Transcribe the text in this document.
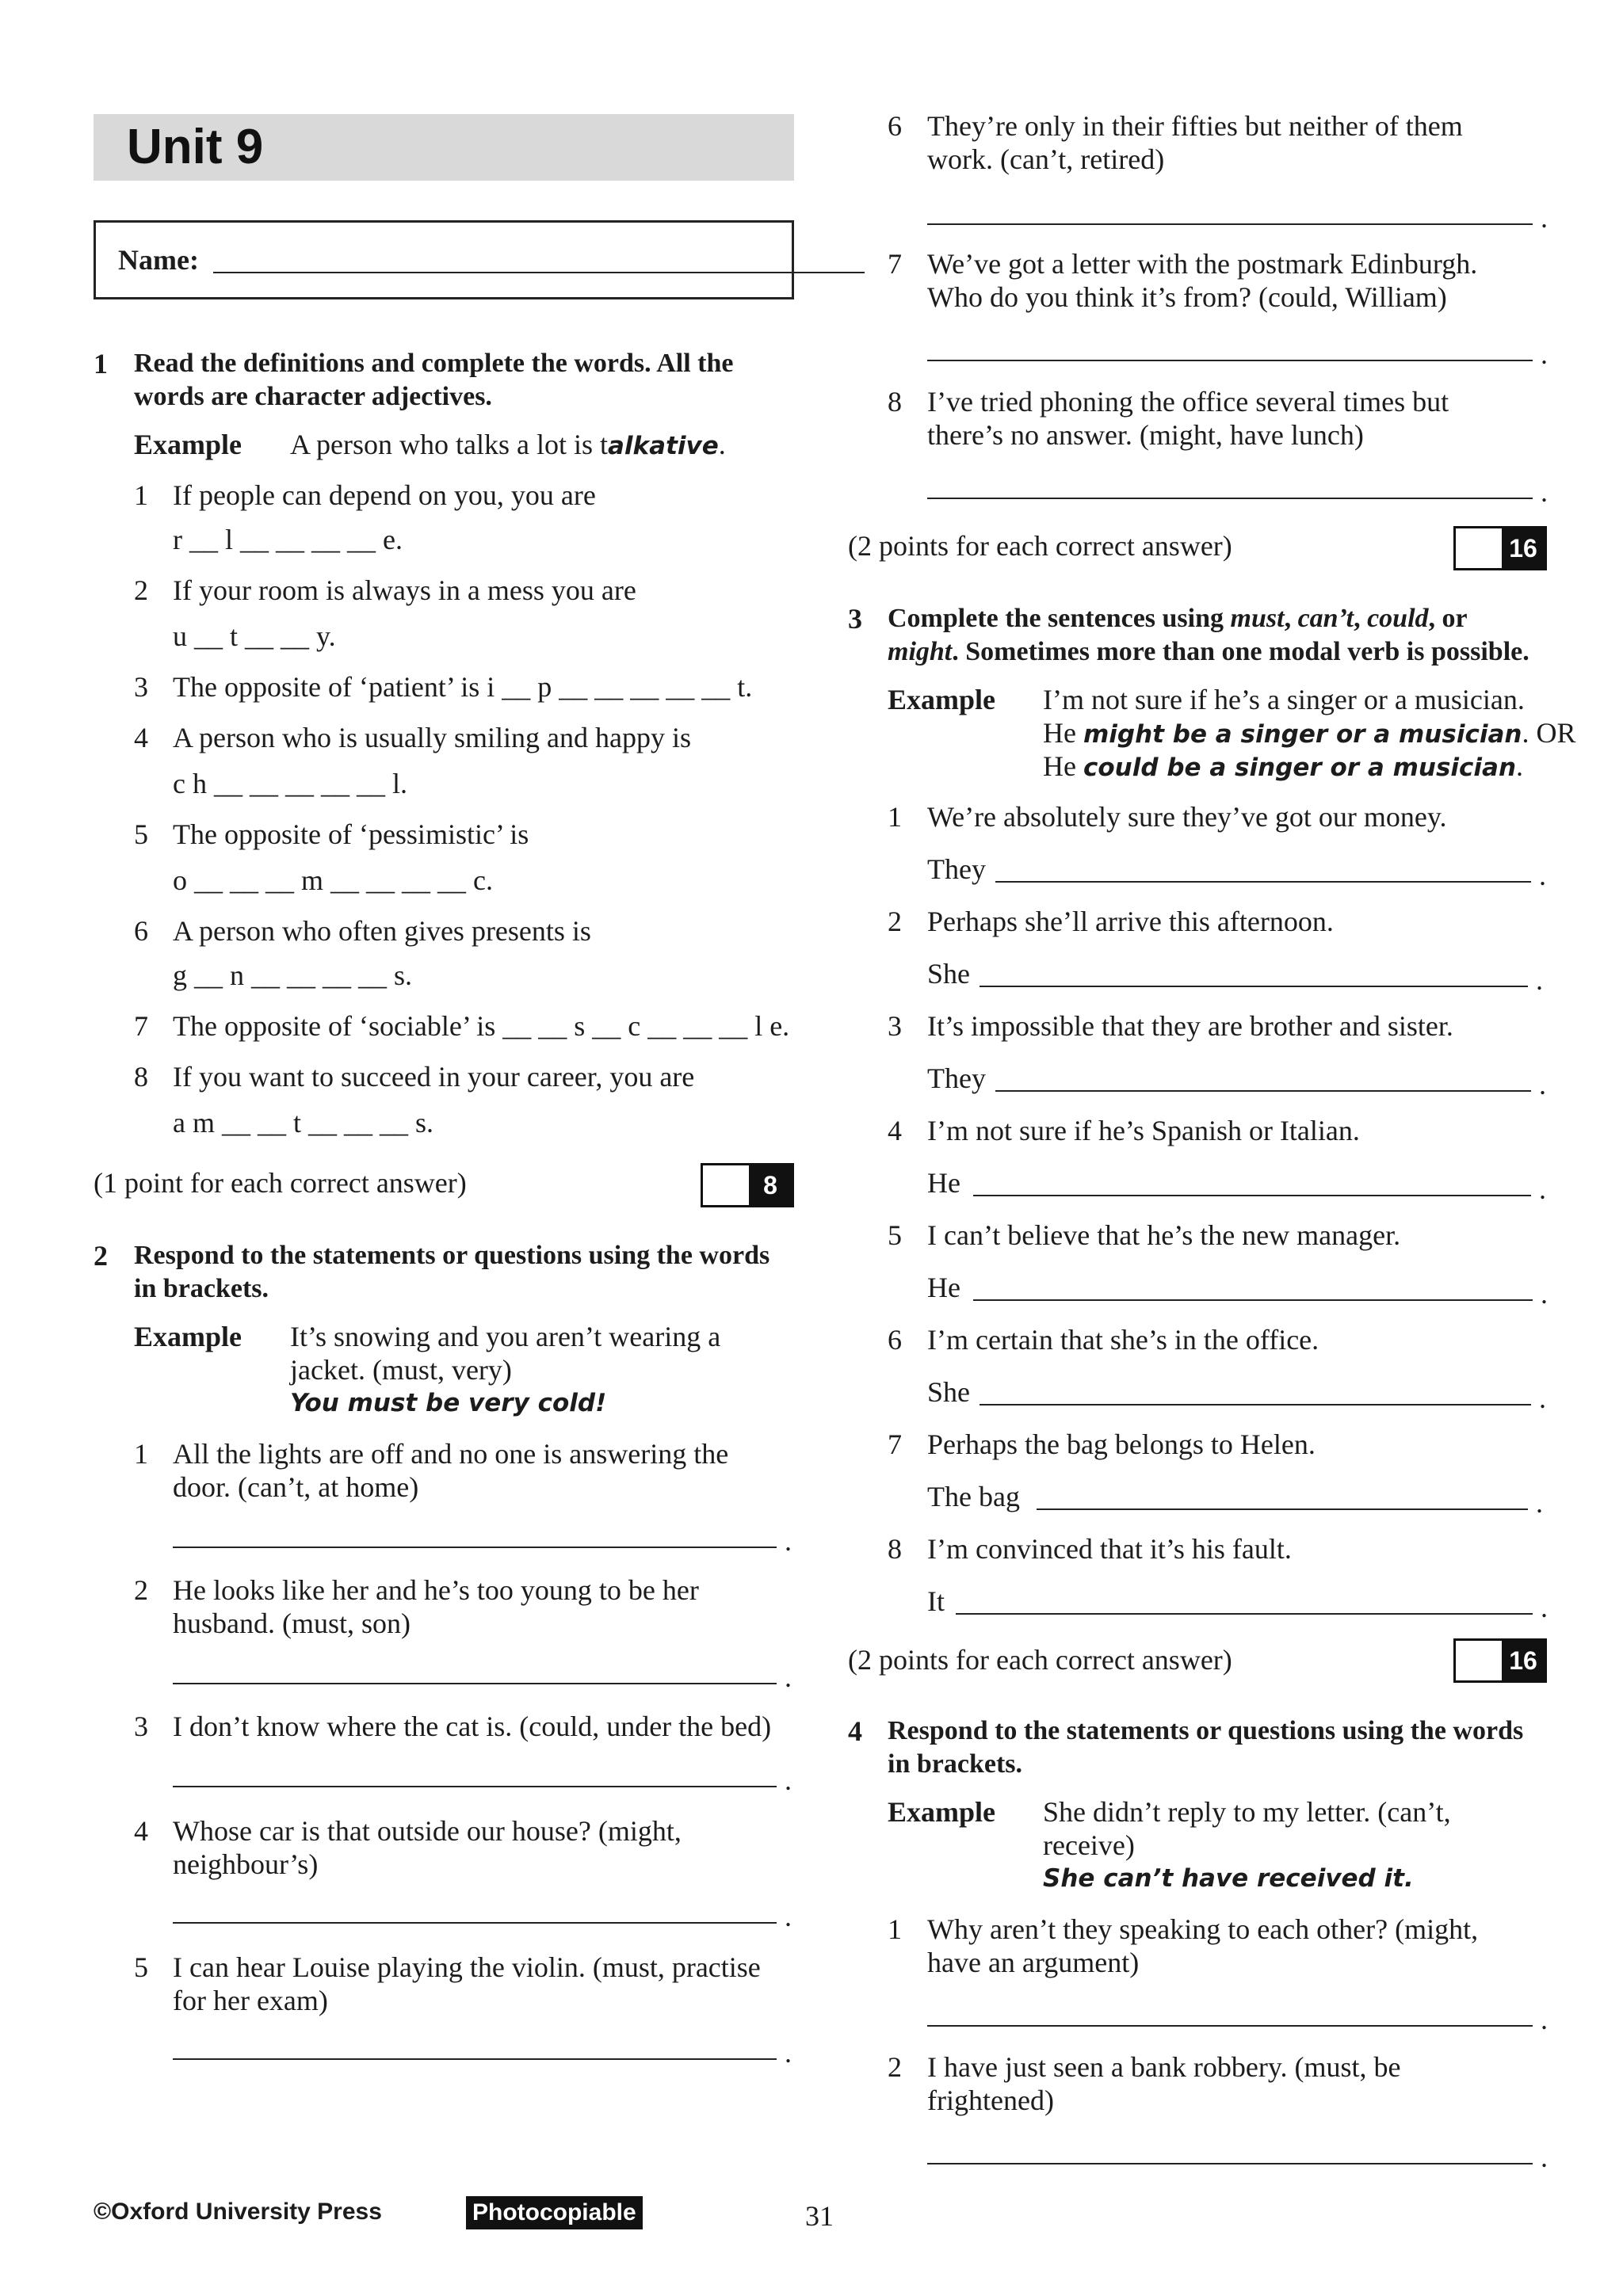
Unit 9
Name:
1 Read the definitions and complete the words. All the
words are character adjectives.
Example A person who talks a lot is talkative.
1 If people can depend on you, you are
r __ l __ __ __ __ e.
2 If your room is always in a mess you are
u __ t __ __ y.
3 The opposite of ‘patient’ is i __ p __ __ __ __ __ t.
4 A person who is usually smiling and happy is
c h __ __ __ __ __ l.
5 The opposite of ‘pessimistic’ is
o __ __ __ m __ __ __ __ c.
6 A person who often gives presents is
g __ n __ __ __ __ s.
7 The opposite of ‘sociable’ is __ __ s __ c __ __ __ l e.
8 If you want to succeed in your career, you are
a m __ __ t __ __ __ s.
(1 point for each correct answer)	8
2 Respond to the statements or questions using the words
in brackets.
Example It’s snowing and you aren’t wearing a
jacket. (must, very)
You must be very cold!
1 All the lights are off and no one is answering the
door. (can’t, at home)
.
2 He looks like her and he’s too young to be her
husband. (must, son)
.
3 I don’t know where the cat is. (could, under the bed)
.
4 Whose car is that outside our house? (might,
neighbour’s)
.
5 I can hear Louise playing the violin. (must, practise
for her exam)
.
6 They’re only in their fifties but neither of them
work. (can’t, retired)
.
7 We’ve got a letter with the postmark Edinburgh.
Who do you think it’s from? (could, William)
.
8 I’ve tried phoning the office several times but
there’s no answer. (might, have lunch)
.
(2 points for each correct answer)	16
3 Complete the sentences using must, can’t, could, or
might. Sometimes more than one modal verb is possible.
Example I’m not sure if he’s a singer or a musician.
He might be a singer or a musician. OR
He could be a singer or a musician.
1 We’re absolutely sure they’ve got our money.
They	.
2 Perhaps she’ll arrive this afternoon.
She	.
3 It’s impossible that they are brother and sister.
They	.
4 I’m not sure if he’s Spanish or Italian.
He	.
5 I can’t believe that he’s the new manager.
He	.
6 I’m certain that she’s in the office.
She	.
7 Perhaps the bag belongs to Helen.
The bag	.
8 I’m convinced that it’s his fault.
It	.
(2 points for each correct answer)	16
4 Respond to the statements or questions using the words
in brackets.
Example She didn’t reply to my letter. (can’t,
receive)
She can’t have received it.
1 Why aren’t they speaking to each other? (might,
have an argument)
.
2 I have just seen a bank robbery. (must, be
frightened)
.
©Oxford University Press	Photocopiable	31
